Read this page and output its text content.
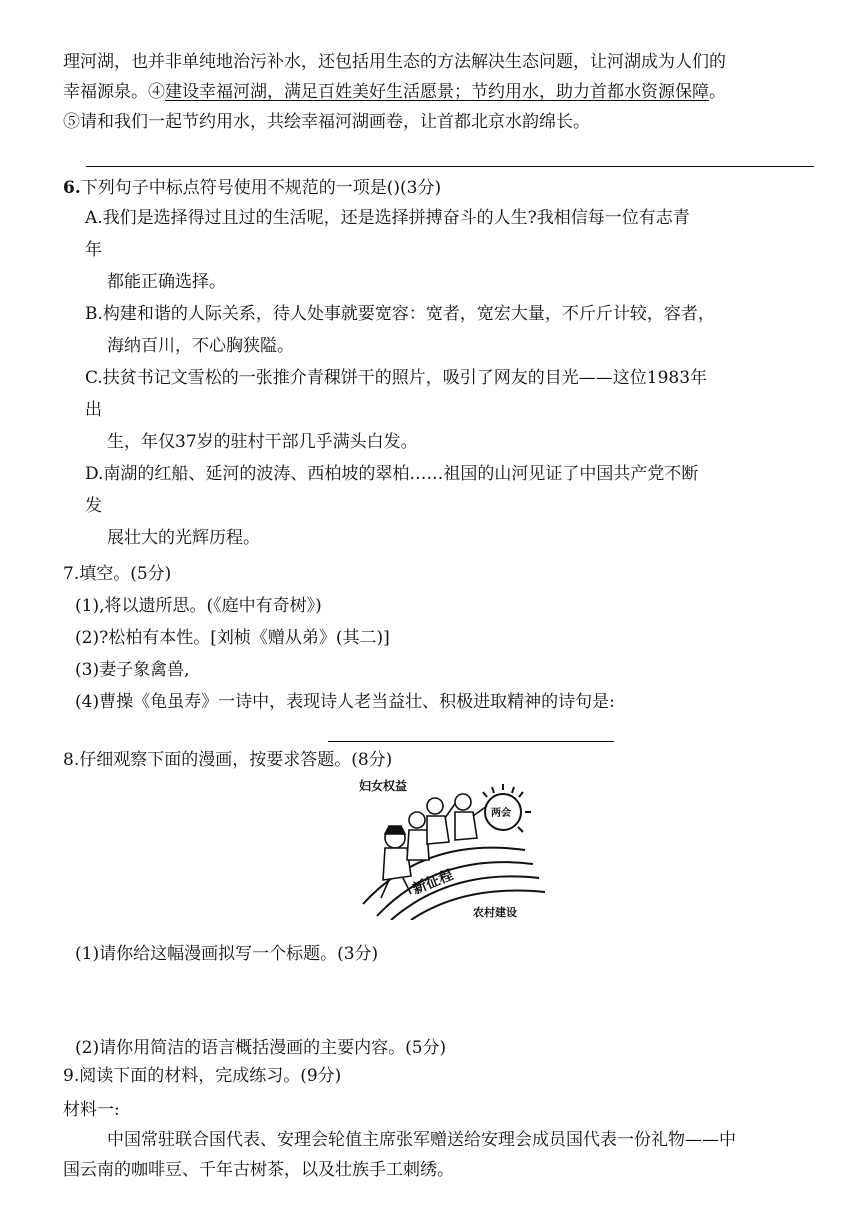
理河湖，也并非单纯地治污补水，还包括用生态的方法解决生态问题，让河湖成为人们的
幸福源泉。④建设幸福河湖，满足百姓美好生活愿景；节约用水，助力首都水资源保障。
⑤请和我们一起节约用水，共绘幸福河湖画卷，让首都北京水韵绵长。
6.下列句子中标点符号使用不规范的一项是()(3分)
A.我们是选择得过且过的生活呢，还是选择拼搏奋斗的人生?我相信每一位有志青
年
都能正确选择。
B.构建和谐的人际关系，待人处事就要宽容：宽者，宽宏大量，不斤斤计较，容者，
海纳百川，不心胸狭隘。
C.扶贫书记文雪松的一张推介青稞饼干的照片，吸引了网友的目光——这位1983年
出
生，年仅37岁的驻村干部几乎满头白发。
D.南湖的红船、延河的波涛、西柏坡的翠柏……祖国的山河见证了中国共产党不断
发
展壮大的光辉历程。
7.填空。(5分)
(1),将以遗所思。(《庭中有奇树》)
(2)?松柏有本性。[刘桢《赠从弟》(其二)]
(3)妻子象禽兽,
(4)曹操《龟虽寿》一诗中，表现诗人老当益壮、积极进取精神的诗句是:
8.仔细观察下面的漫画，按要求答题。(8分)
妇女权益
两会
新征程
农村建设
(1)请你给这幅漫画拟写一个标题。(3分)
(2)请你用简洁的语言概括漫画的主要内容。(5分)
9.阅读下面的材料，完成练习。(9分)
材料一:
中国常驻联合国代表、安理会轮值主席张军赠送给安理会成员国代表一份礼物——中
国云南的咖啡豆、千年古树茶，以及壮族手工刺绣。
